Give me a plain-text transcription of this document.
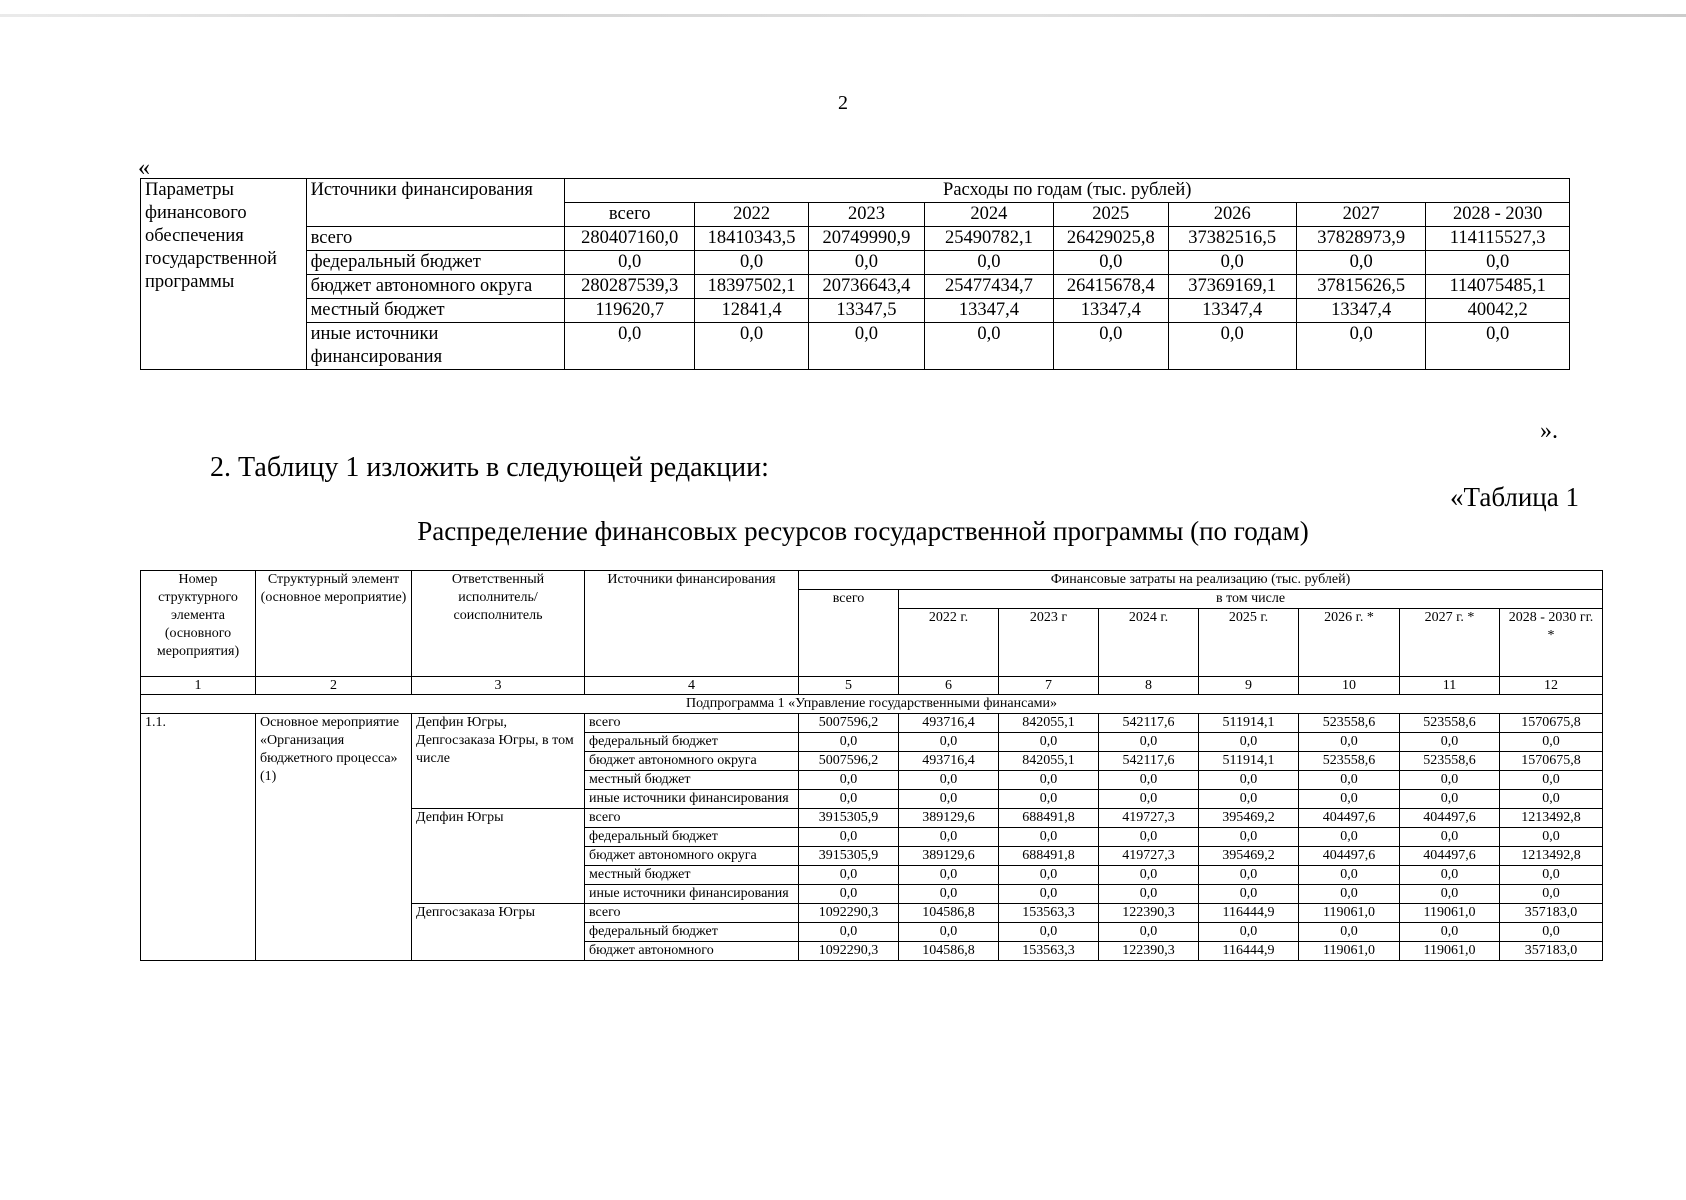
2
«
Параметры финансового обеспечения государственной программы	Источники финансирования	Расходы по годам (тыс. рублей)							
		всего	2022	2023	2024	2025	2026	2027	2028 - 2030
	всего	280407160,0	18410343,5	20749990,9	25490782,1	26429025,8	37382516,5	37828973,9	114115527,3
	федеральный бюджет	0,0	0,0	0,0	0,0	0,0	0,0	0,0	0,0
	бюджет автономного округа	280287539,3	18397502,1	20736643,4	25477434,7	26415678,4	37369169,1	37815626,5	114075485,1
	местный бюджет	119620,7	12841,4	13347,5	13347,4	13347,4	13347,4	13347,4	40042,2
	иные источники финансирования	0,0	0,0	0,0	0,0	0,0	0,0	0,0	0,0
».
2. Таблицу 1 изложить в следующей редакции:
«Таблица 1
Распределение финансовых ресурсов государственной программы (по годам)
Номер структурного элемента (основного мероприятия)	Структурный элемент (основное мероприятие)	Ответственный исполнитель/ соисполнитель	Источники финансирования	Финансовые затраты на реализацию (тыс. рублей)							
				всего	в том числе						
					2022 г.	2023 г	2024 г.	2025 г.	2026 г. *	2027 г. *	2028 - 2030 гг. *
1	2	3	4	5	6	7	8	9	10	11	12
Подпрограмма 1 «Управление государственными финансами»											
1.1.	Основное мероприятие «Организация бюджетного процесса» (1)	Депфин Югры, Депгосзаказа Югры, в том числе	всего	5007596,2	493716,4	842055,1	542117,6	511914,1	523558,6	523558,6	1570675,8
			федеральный бюджет	0,0	0,0	0,0	0,0	0,0	0,0	0,0	0,0
			бюджет автономного округа	5007596,2	493716,4	842055,1	542117,6	511914,1	523558,6	523558,6	1570675,8
			местный бюджет	0,0	0,0	0,0	0,0	0,0	0,0	0,0	0,0
			иные источники финансирования	0,0	0,0	0,0	0,0	0,0	0,0	0,0	0,0
		Депфин Югры	всего	3915305,9	389129,6	688491,8	419727,3	395469,2	404497,6	404497,6	1213492,8
			федеральный бюджет	0,0	0,0	0,0	0,0	0,0	0,0	0,0	0,0
			бюджет автономного округа	3915305,9	389129,6	688491,8	419727,3	395469,2	404497,6	404497,6	1213492,8
			местный бюджет	0,0	0,0	0,0	0,0	0,0	0,0	0,0	0,0
			иные источники финансирования	0,0	0,0	0,0	0,0	0,0	0,0	0,0	0,0
		Депгосзаказа Югры	всего	1092290,3	104586,8	153563,3	122390,3	116444,9	119061,0	119061,0	357183,0
			федеральный бюджет	0,0	0,0	0,0	0,0	0,0	0,0	0,0	0,0
			бюджет автономного	1092290,3	104586,8	153563,3	122390,3	116444,9	119061,0	119061,0	357183,0
